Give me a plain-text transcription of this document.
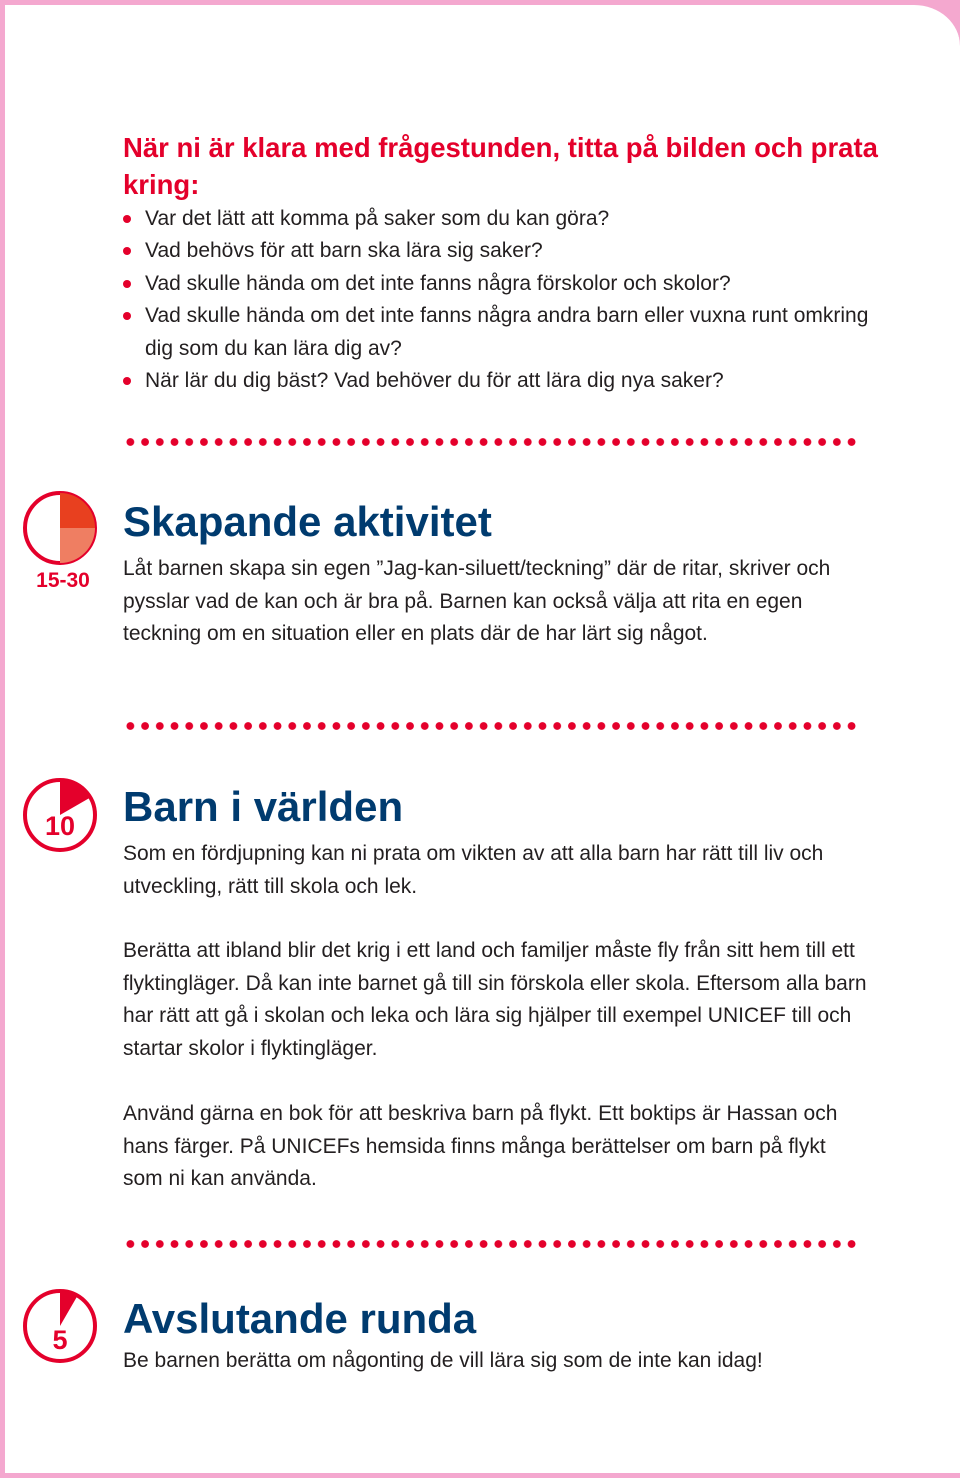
När ni är klara med frågestunden, titta på bilden och prata kring:
Var det lätt att komma på saker som du kan göra?
Vad behövs för att barn ska lära sig saker?
Vad skulle hända om det inte fanns några förskolor och skolor?
Vad skulle hända om det inte fanns några andra barn eller vuxna runt omkring dig som du kan lära dig av?
När lär du dig bäst? Vad behöver du för att lära dig nya saker?
15-30
Skapande aktivitet

Låt barnen skapa sin egen ”Jag-kan-siluett/teckning” där de ritar, skriver och pysslar vad de kan och är bra på. Barnen kan också välja att rita en egen teckning om en situation eller en plats där de har lärt sig något.

10	Barn i världen

Som en fördjupning kan ni prata om vikten av att alla barn har rätt till liv och utveckling, rätt till skola och lek.

Berätta att ibland blir det krig i ett land och familjer måste fly från sitt hem till ett flyktingläger. Då kan inte barnet gå till sin förskola eller skola. Eftersom alla barn har rätt att gå i skolan och leka och lära sig hjälper till exempel UNICEF till och startar skolor i flyktingläger.

Använd gärna en bok för att beskriva barn på flykt. Ett boktips är Hassan och hans färger. På UNICEFs hemsida finns många berättelser om barn på flykt som ni kan använda.

5	Avslutande runda

Be barnen berätta om någonting de vill lära sig som de inte kan idag!
